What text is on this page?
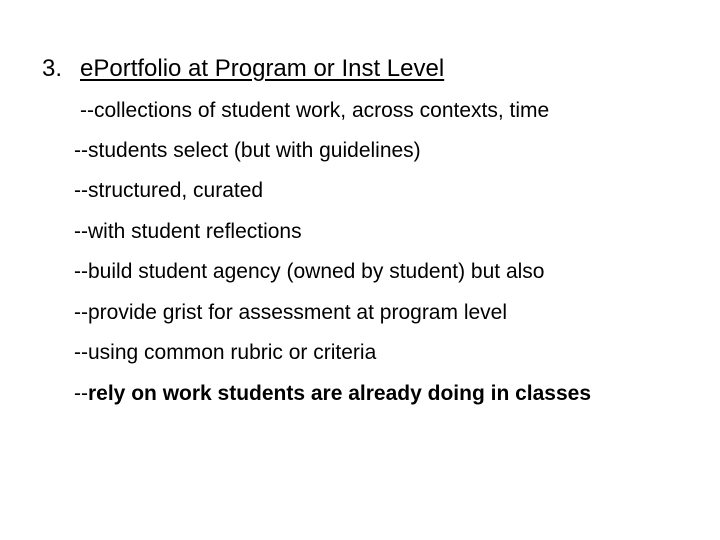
3. ePortfolio at Program or Inst Level
--collections of student work, across contexts, time
--students select (but with guidelines)
--structured, curated
--with student reflections
--build student agency (owned by student) but also
--provide grist for assessment at program level
--using common rubric or criteria
--rely on work students are already doing in classes
